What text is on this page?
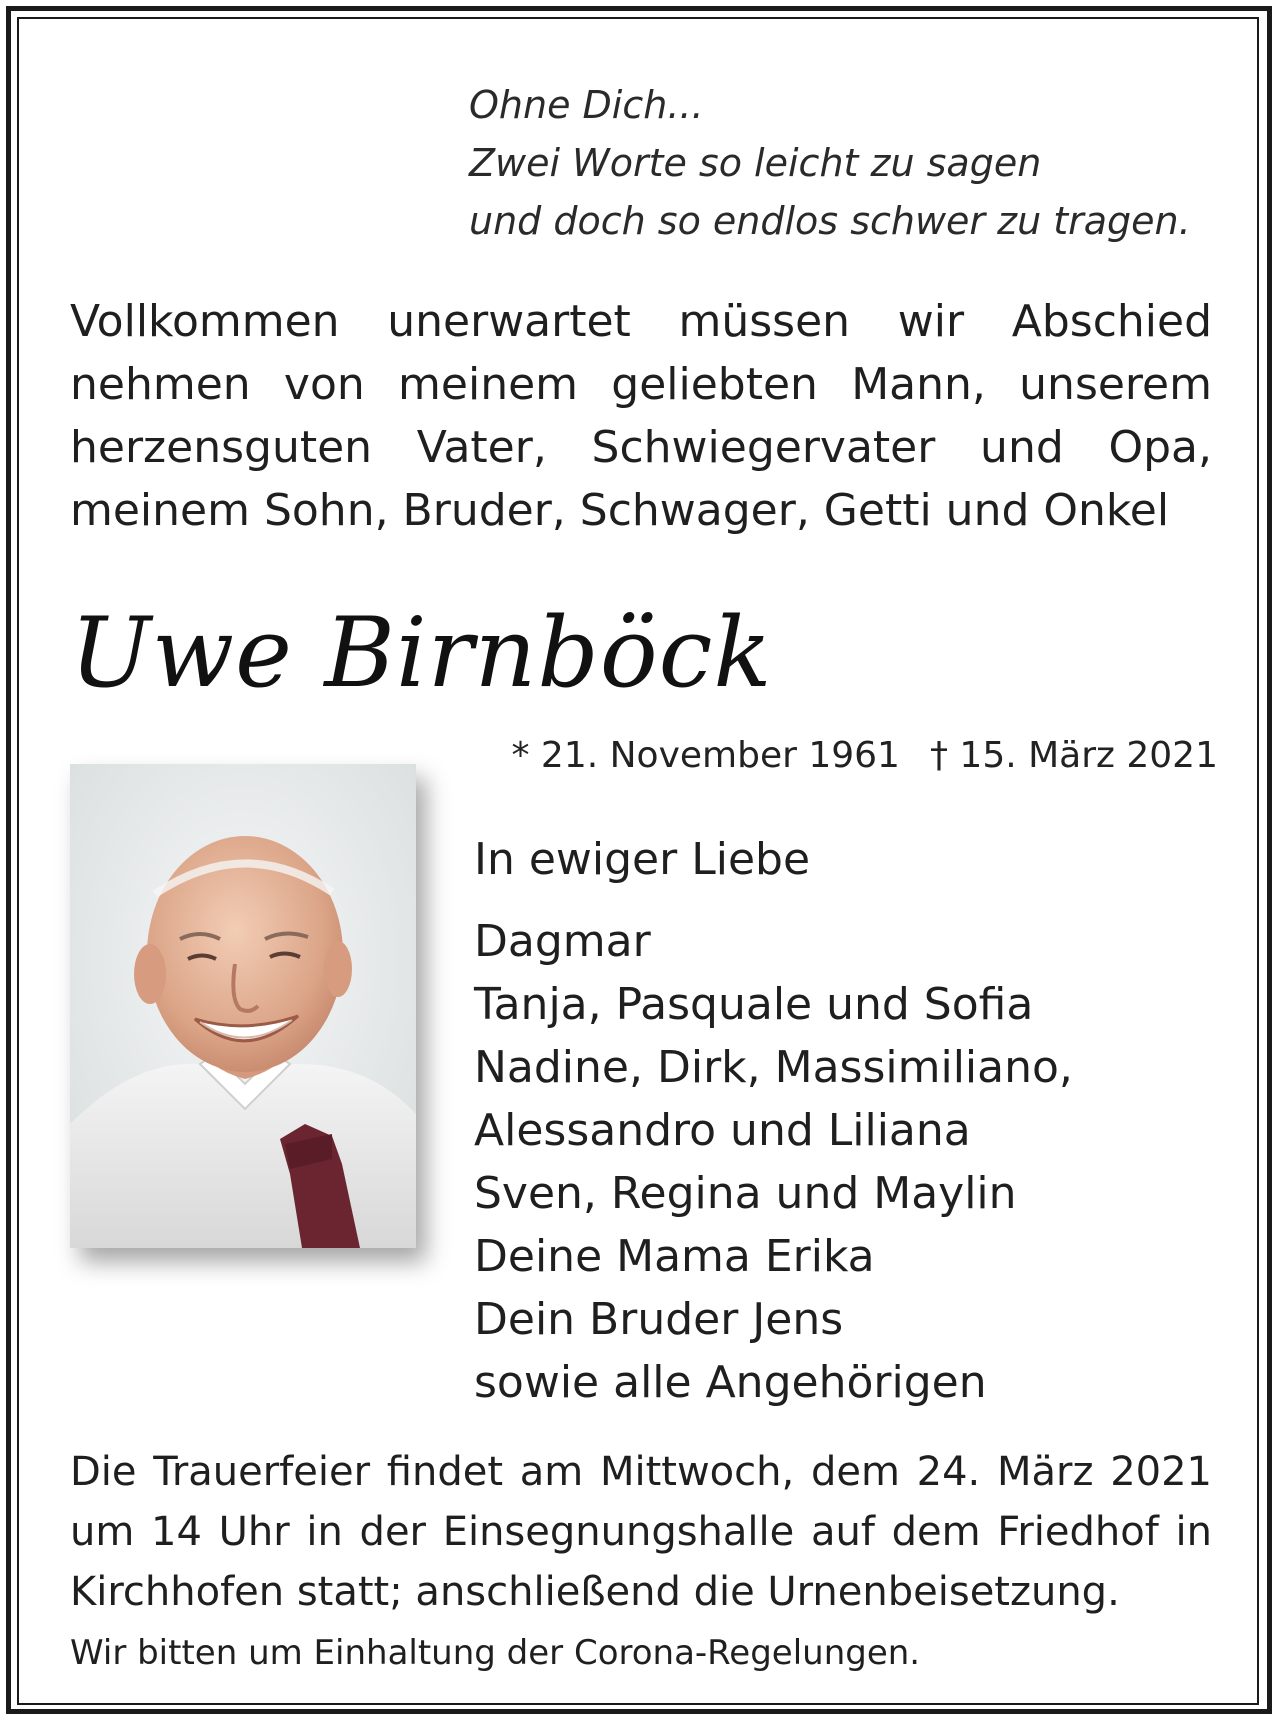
Ohne Dich...
Zwei Worte so leicht zu sagen
und doch so endlos schwer zu tragen.
Vollkommen unerwartet müssen wir Abschied nehmen von meinem geliebten Mann, unserem herzensguten Vater, Schwiegervater und Opa, meinem Sohn, Bruder, Schwager, Getti und Onkel
Uwe Birnböck
* 21. November 1961 † 15. März 2021
In ewiger Liebe
Dagmar
Tanja, Pasquale und Sofia
Nadine, Dirk, Massimiliano,
Alessandro und Liliana
Sven, Regina und Maylin
Deine Mama Erika
Dein Bruder Jens
sowie alle Angehörigen
Die Trauerfeier findet am Mittwoch, dem 24. März 2021 um 14 Uhr in der Einsegnungshalle auf dem Friedhof in Kirchhofen statt; anschließend die Urnenbeisetzung.
Wir bitten um Einhaltung der Corona-Regelungen.
